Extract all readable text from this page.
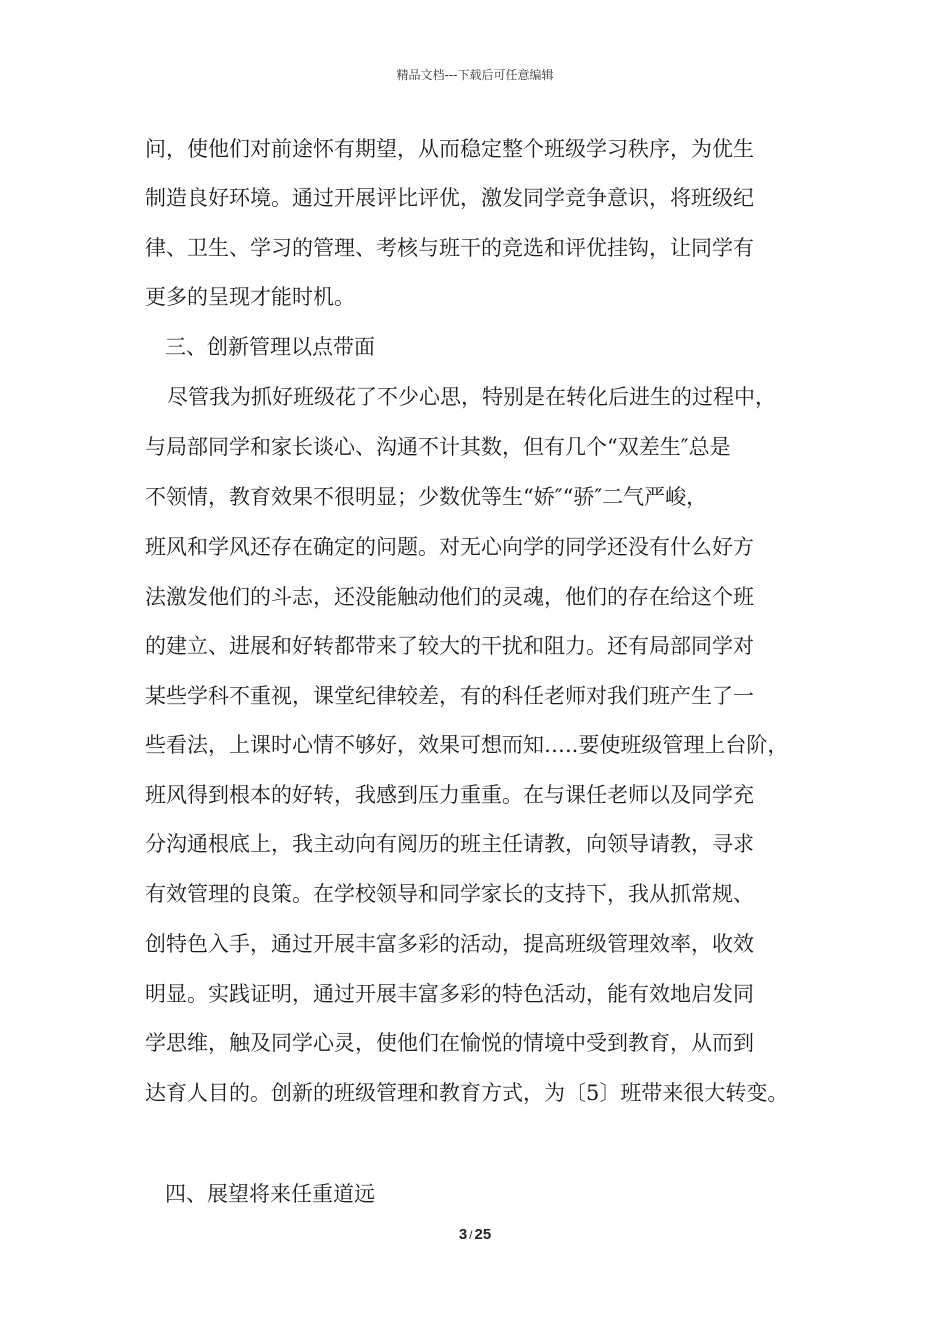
精品文档---下载后可任意编辑
问，使他们对前途怀有期望，从而稳定整个班级学习秩序，为优生
制造良好环境。通过开展评比评优，激发同学竞争意识，将班级纪
律、卫生、学习的管理、考核与班干的竞选和评优挂钩，让同学有
更多的呈现才能时机。
三、创新管理以点带面
尽管我为抓好班级花了不少心思，特别是在转化后进生的过程中，
与局部同学和家长谈心、沟通不计其数，但有几个“双差生″总是
不领情，教育效果不很明显；少数优等生“娇″“骄″二气严峻，
班风和学风还存在确定的问题。对无心向学的同学还没有什么好方
法激发他们的斗志，还没能触动他们的灵魂，他们的存在给这个班
的建立、进展和好转都带来了较大的干扰和阻力。还有局部同学对
某些学科不重视，课堂纪律较差，有的科任老师对我们班产生了一
些看法，上课时心情不够好，效果可想而知…..要使班级管理上台阶，
班风得到根本的好转，我感到压力重重。在与课任老师以及同学充
分沟通根底上，我主动向有阅历的班主任请教，向领导请教，寻求
有效管理的良策。在学校领导和同学家长的支持下，我从抓常规、
创特色入手，通过开展丰富多彩的活动，提高班级管理效率，收效
明显。实践证明，通过开展丰富多彩的特色活动，能有效地启发同
学思维，触及同学心灵，使他们在愉悦的情境中受到教育，从而到
达育人目的。创新的班级管理和教育方式，为〔5〕班带来很大转变。
四、展望将来任重道远
3 / 25
